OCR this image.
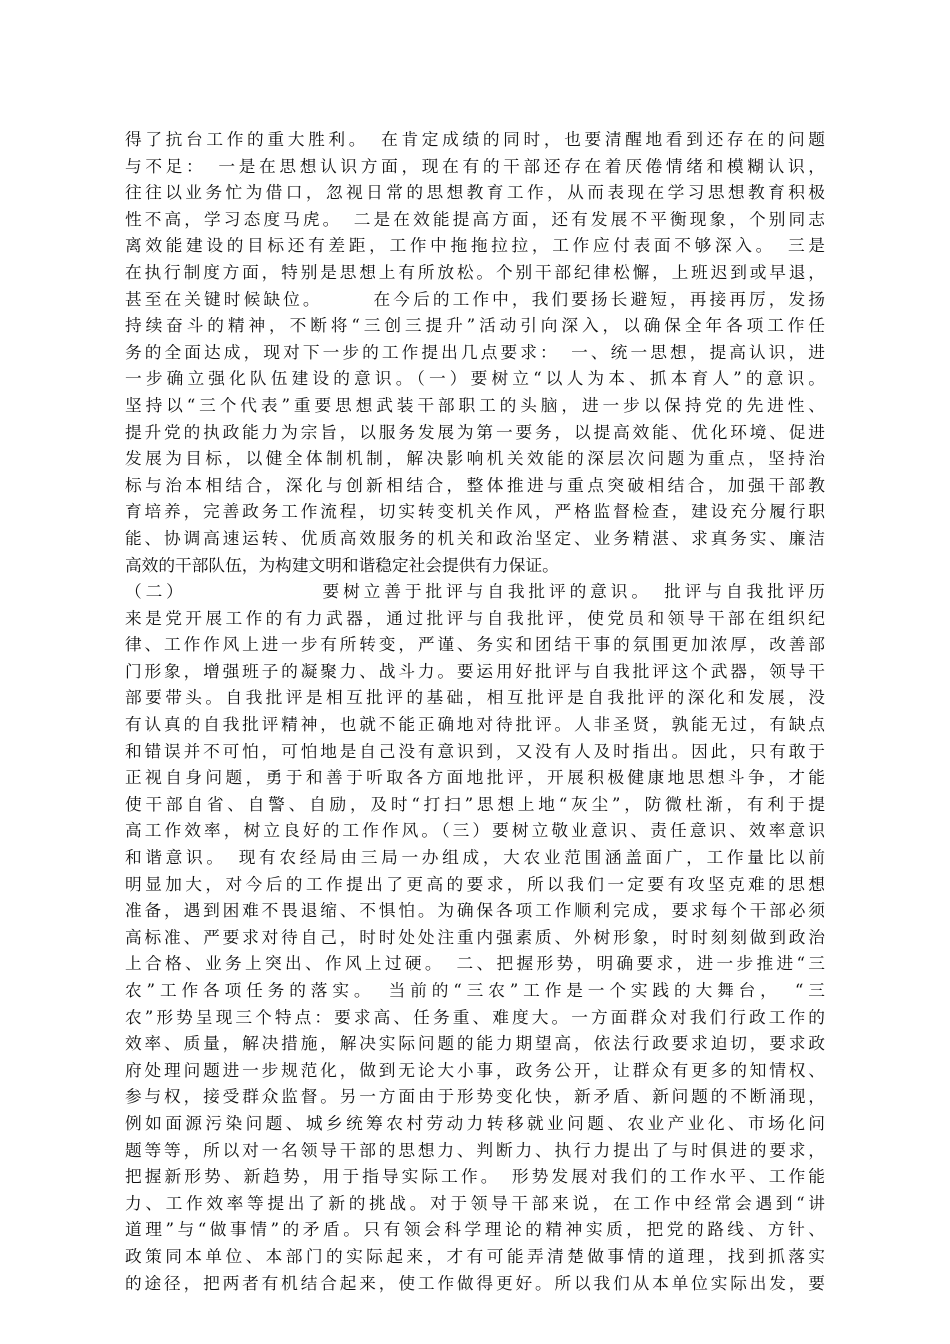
得了抗台工作的重大胜利。　在肯定成绩的同时，也要清醒地看到还存在的问题
与不足：　一是在思想认识方面，现在有的干部还存在着厌倦情绪和模糊认识，
往往以业务忙为借口，忽视日常的思想教育工作，从而表现在学习思想教育积极
性不高，学习态度马虎。　二是在效能提高方面，还有发展不平衡现象，个别同志
离效能建设的目标还有差距，工作中拖拖拉拉，工作应付表面不够深入。　三是
在执行制度方面，特别是思想上有所放松。个别干部纪律松懈，上班迟到或早退，
甚至在关键时候缺位。　　　在今后的工作中，我们要扬长避短，再接再厉，发扬
持续奋斗的精神，不断将“三创三提升”活动引向深入，以确保全年各项工作任
务的全面达成，现对下一步的工作提出几点要求：　一、统一思想，提高认识，进
一步确立强化队伍建设的意识。（一）要树立“以人为本、抓本育人”的意识。
坚持以“三个代表”重要思想武装干部职工的头脑，进一步以保持党的先进性、
提升党的执政能力为宗旨，以服务发展为第一要务，以提高效能、优化环境、促进
发展为目标，以健全体制机制，解决影响机关效能的深层次问题为重点，坚持治
标与治本相结合，深化与创新相结合，整体推进与重点突破相结合，加强干部教
育培养，完善政务工作流程，切实转变机关作风，严格监督检查，建设充分履行职
能、协调高速运转、优质高效服务的机关和政治坚定、业务精湛、求真务实、廉洁
高效的干部队伍，为构建文明和谐稳定社会提供有力保证。
（二）　　　　　　　要树立善于批评与自我批评的意识。　批评与自我批评历
来是党开展工作的有力武器，通过批评与自我批评，使党员和领导干部在组织纪
律、工作作风上进一步有所转变，严谨、务实和团结干事的氛围更加浓厚，改善部
门形象，增强班子的凝聚力、战斗力。要运用好批评与自我批评这个武器，领导干
部要带头。自我批评是相互批评的基础，相互批评是自我批评的深化和发展，没
有认真的自我批评精神，也就不能正确地对待批评。人非圣贤，孰能无过，有缺点
和错误并不可怕，可怕地是自己没有意识到，又没有人及时指出。因此，只有敢于
正视自身问题，勇于和善于听取各方面地批评，开展积极健康地思想斗争，才能
使干部自省、自警、自励，及时“打扫”思想上地“灰尘”，防微杜渐，有利于提
高工作效率，树立良好的工作作风。（三）要树立敬业意识、责任意识、效率意识
和谐意识。　现有农经局由三局一办组成，大农业范围涵盖面广，工作量比以前
明显加大，对今后的工作提出了更高的要求，所以我们一定要有攻坚克难的思想
准备，遇到困难不畏退缩、不惧怕。为确保各项工作顺利完成，要求每个干部必须
高标准、严要求对待自己，时时处处注重内强素质、外树形象，时时刻刻做到政治
上合格、业务上突出、作风上过硬。　二、把握形势，明确要求，进一步推进“三
农”工作各项任务的落实。　当前的“三农”工作是一个实践的大舞台，　“三
农”形势呈现三个特点：要求高、任务重、难度大。一方面群众对我们行政工作的
效率、质量，解决措施，解决实际问题的能力期望高，依法行政要求迫切，要求政
府处理问题进一步规范化，做到无论大小事，政务公开，让群众有更多的知情权、
参与权，接受群众监督。另一方面由于形势变化快，新矛盾、新问题的不断涌现，
例如面源污染问题、城乡统筹农村劳动力转移就业问题、农业产业化、市场化问
题等等，所以对一名领导干部的思想力、判断力、执行力提出了与时俱进的要求，
把握新形势、新趋势，用于指导实际工作。　形势发展对我们的工作水平、工作能
力、工作效率等提出了新的挑战。对于领导干部来说，在工作中经常会遇到“讲
道理”与“做事情”的矛盾。只有领会科学理论的精神实质，把党的路线、方针、
政策同本单位、本部门的实际起来，才有可能弄清楚做事情的道理，找到抓落实
的途径，把两者有机结合起来，使工作做得更好。所以我们从本单位实际出发，要
